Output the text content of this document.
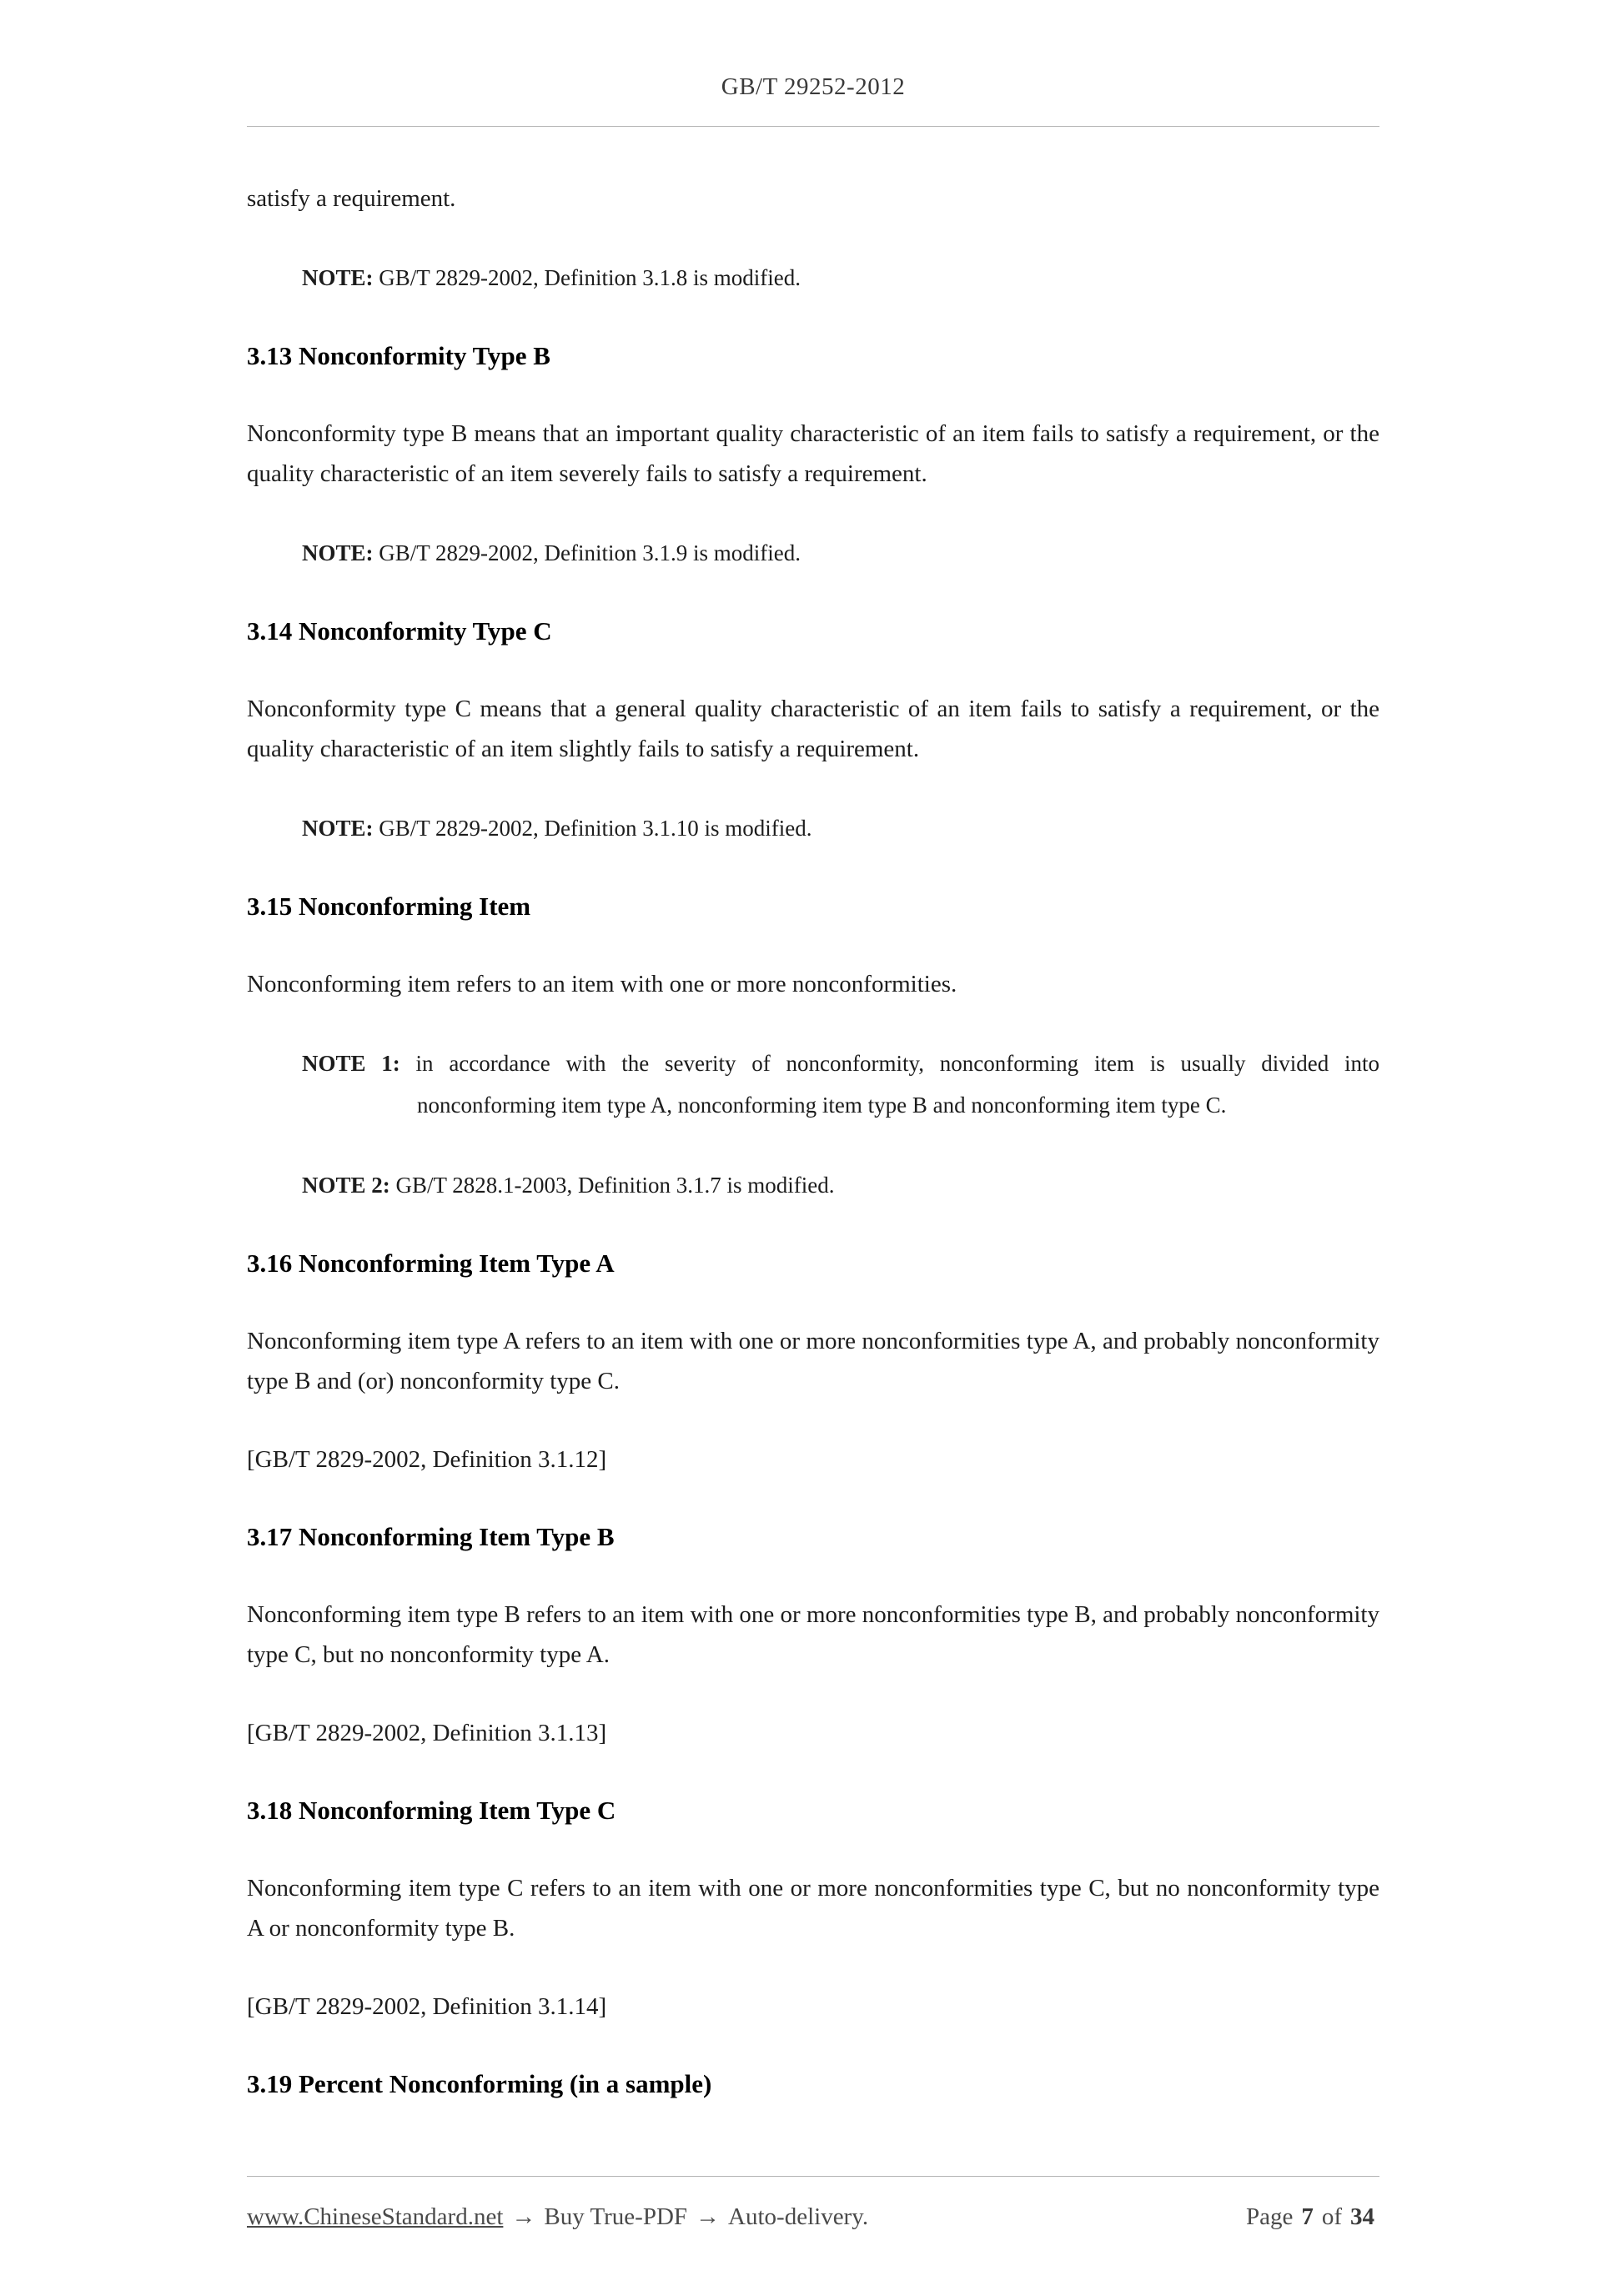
GB/T 29252-2012

satisfy a requirement.

NOTE: GB/T 2829-2002, Definition 3.1.8 is modified.

3.13 Nonconformity Type B

Nonconformity type B means that an important quality characteristic of an item fails to satisfy a requirement, or the quality characteristic of an item severely fails to satisfy a requirement.

NOTE: GB/T 2829-2002, Definition 3.1.9 is modified.

3.14 Nonconformity Type C

Nonconformity type C means that a general quality characteristic of an item fails to satisfy a requirement, or the quality characteristic of an item slightly fails to satisfy a requirement.

NOTE: GB/T 2829-2002, Definition 3.1.10 is modified.

3.15 Nonconforming Item

Nonconforming item refers to an item with one or more nonconformities.

NOTE 1: in accordance with the severity of nonconformity, nonconforming item is usually divided into nonconforming item type A, nonconforming item type B and nonconforming item type C.

NOTE 2: GB/T 2828.1-2003, Definition 3.1.7 is modified.

3.16 Nonconforming Item Type A

Nonconforming item type A refers to an item with one or more nonconformities type A, and probably nonconformity type B and (or) nonconformity type C.

[GB/T 2829-2002, Definition 3.1.12]

3.17 Nonconforming Item Type B

Nonconforming item type B refers to an item with one or more nonconformities type B, and probably nonconformity type C, but no nonconformity type A.

[GB/T 2829-2002, Definition 3.1.13]

3.18 Nonconforming Item Type C

Nonconforming item type C refers to an item with one or more nonconformities type C, but no nonconformity type A or nonconformity type B.

[GB/T 2829-2002, Definition 3.1.14]

3.19 Percent Nonconforming (in a sample)
www.ChineseStandard.net → Buy True-PDF → Auto-delivery.	Page 7 of 34
